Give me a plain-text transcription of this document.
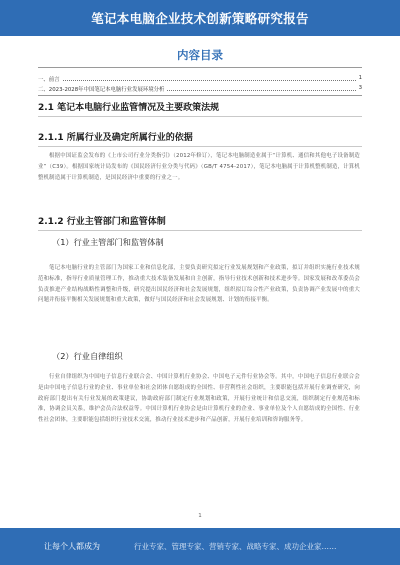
笔记本电脑企业技术创新策略研究报告
内容目录
一、前言	1
二、2023-2028年中国笔记本电脑行业发展环境分析	3
2.1 笔记本电脑行业监管情况及主要政策法规
2.1.1 所属行业及确定所属行业的依据
根据中国证监会发布的《上市公司行业分类指引》（2012年修订），笔记本电脑制造业属于“计算机、通信和其他电子设备制造业”（C39）。根据国家统计局发布的《国民经济行业分类与代码》（GB/T 4754-2017），笔记本电脑属于计算机整机制造，计算机整机制造属于计算机制造，是国民经济中重要的行业之一。
2.1.2 行业主管部门和监管体制
（1）行业主管部门和监管体制
笔记本电脑行业的主管部门为国家工业和信息化部，主要负责研究拟定行业发展规划和产业政策，拟订并组织实施行业技术规范和标准，指导行业质量管理工作，推动重大技术装备发展和自主创新，指导行业技术创新和技术进步等。国家发展和改革委员会负责推进产业结构战略性调整和升级，研究提出国民经济和社会发展规划，组织拟订综合性产业政策，负责协调产业发展中的重大问题并衔接平衡相关发展规划和重大政策，做好与国民经济和社会发展规划、计划的衔接平衡。
（2）行业自律组织
行业自律组织为中国电子信息行业联合会、中国计算机行业协会、中国电子元件行业协会等。其中，中国电子信息行业联合会是由中国电子信息行业的企业、事业单位和社会团体自愿组成的全国性、非营利性社会组织，主要职能包括开展行业调查研究，向政府部门提出有关行业发展的政策建议，协助政府部门制定行业规划和政策，开展行业统计和信息交流，组织制定行业规范和标准，协调会员关系，维护会员合法权益等。中国计算机行业协会是由计算机行业的企业、事业单位及个人自愿结成的全国性、行业性社会团体，主要职能包括组织行业技术交流，推动行业技术进步和产品创新，开展行业培训和咨询服务等。
1
让每个人都成为	行业专家、管理专家、营销专家、战略专家、成功企业家……
